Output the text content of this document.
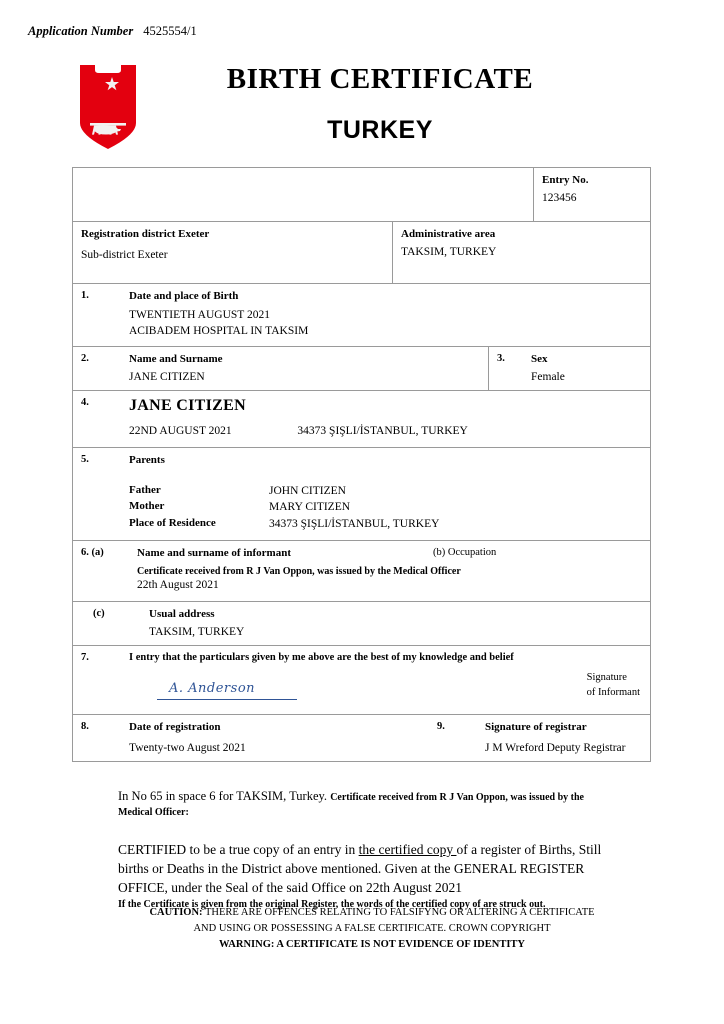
Application Number 4525554/1
BIRTH CERTIFICATE
TURKEY

			Entry No.
123456

Registration district Exeter
Sub-district Exeter

Administrative area
TAKSIM, TURKEY

1. Date and place of Birth
TWENTIETH AUGUST 2021
ACIBADEM HOSPITAL IN TAKSIM			

2.	Name and Surname
JANE CITIZEN

3.	Sex
Female

4. JANE CITIZEN
22ND AUGUST 2021 34373 ŞIŞLI/İSTANBUL, TURKEY			

5.	Parents
Father	JOHN CITIZEN
Mother	MARY CITIZEN
Place of Residence	34373 ŞIŞLI/İSTANBUL, TURKEY

6. (a) Name and surname of informant
Certificate received from R J Van Oppon, was issued by the Medical Officer
22th August 2021
(b) Occupation			

(c) Usual address
TAKSIM, TURKEY			

7. I entry that the particulars given by me above are the best of my knowledge and belief
A. Anderson
Signature
of Informant			

8.	Date of registration
Twenty-two August 2021
9.	Signature of registrar
J M Wreford Deputy Registrar
In No 65 in space 6 for TAKSIM, Turkey. Certificate received from R J Van Oppon, was issued by the
Medical Officer:
CERTIFIED to be a true copy of an entry in the certified copy of a register of Births, Still births or Deaths in the District above mentioned. Given at the GENERAL REGISTER OFFICE, under the Seal of the said Office on 22th August 2021
If the Certificate is given from the original Register, the words of the certified copy of are struck out.
CAUTION: THERE ARE OFFENCES RELATING TO FALSIFYNG OR ALTERING A CERTIFICATE
AND USING OR POSSESSING A FALSE CERTIFICATE. CROWN COPYRIGHT
WARNING: A CERTIFICATE IS NOT EVIDENCE OF IDENTITY
